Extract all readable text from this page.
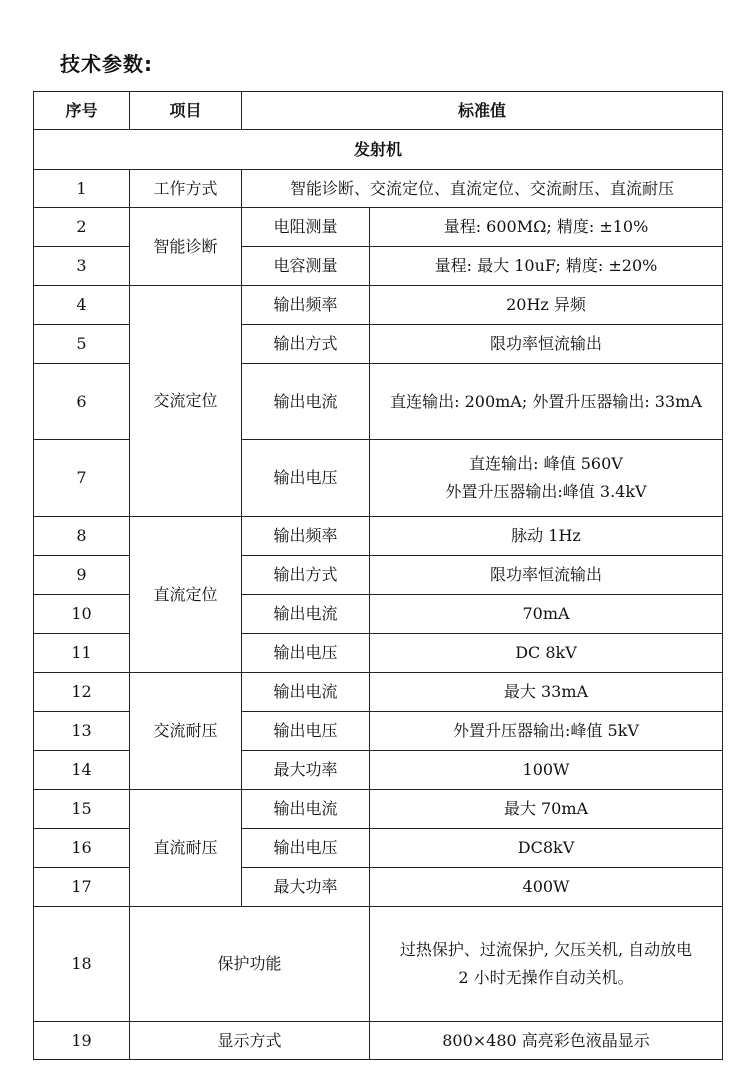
技术参数:
序号	项目	标准值	
发射机			
1	工作方式	智能诊断、交流定位、直流定位、交流耐压、直流耐压	
2	智能诊断	电阻测量	量程: 600MΩ; 精度: ±10%
3		电容测量	量程: 最大 10uF; 精度: ±20%
4	交流定位	输出频率	20Hz 异频
5		输出方式	限功率恒流输出
6		输出电流	直连输出: 200mA; 外置升压器输出: 33mA
7		输出电压	直连输出: 峰值 560V
外置升压器输出:峰值 3.4kV

8	直流定位	输出频率	脉动 1Hz
9		输出方式	限功率恒流输出
10		输出电流	70mA
11		输出电压	DC 8kV
12	交流耐压	输出电流	最大 33mA
13		输出电压	外置升压器输出:峰值 5kV
14		最大功率	100W
15	直流耐压	输出电流	最大 70mA
16		输出电压	DC8kV
17		最大功率	400W
18	保护功能		过热保护、过流保护, 欠压关机, 自动放电
2 小时无操作自动关机。

19	显示方式		800×480 高亮彩色液晶显示
